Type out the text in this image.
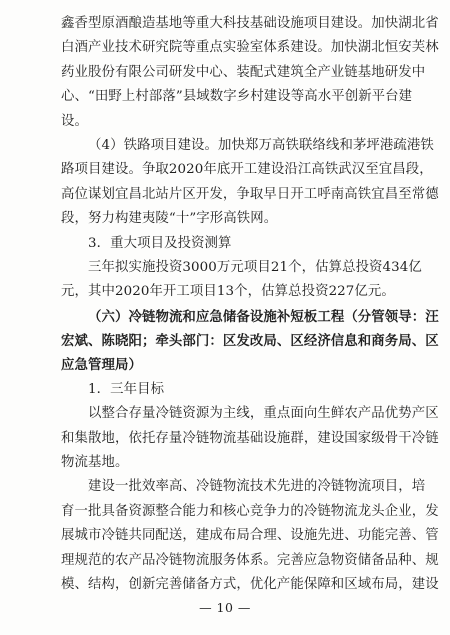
鑫香型原酒酿造基地等重大科技基础设施项目建设。加快湖北省
白酒产业技术研究院等重点实验室体系建设。加快湖北恒安芙林
药业股份有限公司研发中心、装配式建筑全产业链基地研发中
心、“田野上村部落”县域数字乡村建设等高水平创新平台建
设。
（4）铁路项目建设。加快郑万高铁联络线和茅坪港疏港铁
路项目建设。争取2020年底开工建设沿江高铁武汉至宜昌段，
高位谋划宜昌北站片区开发，争取早日开工呼南高铁宜昌至常德
段，努力构建夷陵“十”字形高铁网。
3．重大项目及投资测算
三年拟实施投资3000万元项目21个，估算总投资434亿
元，其中2020年开工项目13个，估算总投资227亿元。
（六）冷链物流和应急储备设施补短板工程（分管领导：汪
宏斌、陈晓阳；牵头部门：区发改局、区经济信息和商务局、区
应急管理局）
1．三年目标
以整合存量冷链资源为主线，重点面向生鲜农产品优势产区
和集散地，依托存量冷链物流基础设施群，建设国家级骨干冷链
物流基地。
建设一批效率高、冷链物流技术先进的冷链物流项目，培
育一批具备资源整合能力和核心竞争力的冷链物流龙头企业，发
展城市冷链共同配送，建成布局合理、设施先进、功能完善、管
理规范的农产品冷链物流服务体系。完善应急物资储备品种、规
模、结构，创新完善储备方式，优化产能保障和区域布局，建设
— 10 —
